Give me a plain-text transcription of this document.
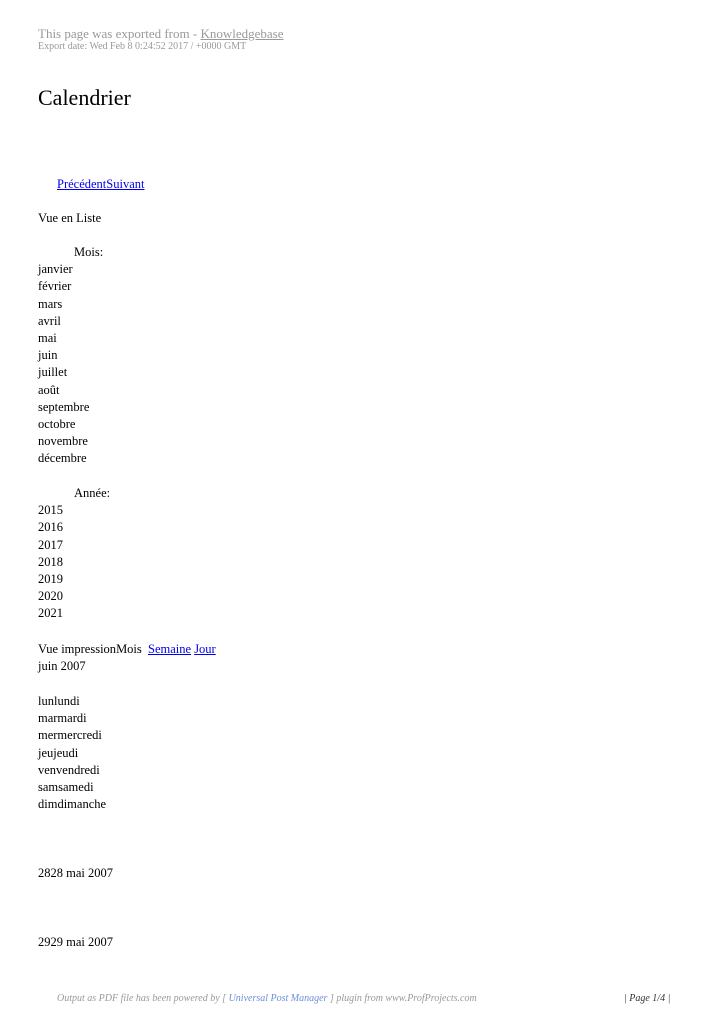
This page was exported from - Knowledgebase
Export date: Wed Feb 8 0:24:52 2017 / +0000 GMT
Calendrier
PrécédentSuivant
Vue en Liste
Mois:
janvier
février
mars
avril
mai
juin
juillet
août
septembre
octobre
novembre
décembre
Année:
2015
2016
2017
2018
2019
2020
2021
Vue impressionMois Semaine Jour
juin 2007
lunlundi
marmardi
mermercredi
jeujeudi
venvendredi
samsamedi
dimdimanche
2828 mai 2007
2929 mai 2007
Output as PDF file has been powered by [ Universal Post Manager ] plugin from www.ProfProjects.com	| Page 1/4 |
